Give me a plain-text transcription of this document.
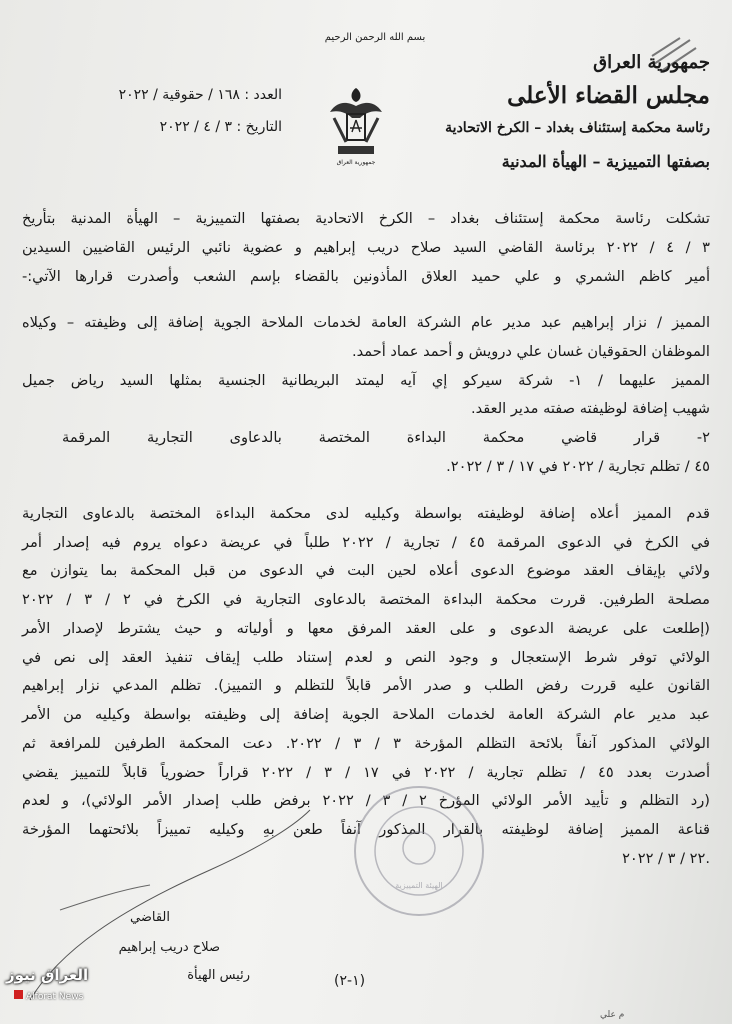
بسم الله الرحمن الرحيم
جمهورية العراق
مجلس القضاء الأعلى
رئاسة محكمة إستئناف بغداد – الكرخ الاتحادية
بصفتها التمييزية – الهيأة المدنية
العدد : ١٦٨ / حقوقية / ٢٠٢٢
التاريخ : ٣ / ٤ / ٢٠٢٢
جمهورية العراق
تشكلت رئاسة محكمة إستئناف بغداد – الكرخ الاتحادية بصفتها التمييزية – الهيأة المدنية بتأريخ
٣ / ٤ / ٢٠٢٢ برئاسة القاضي السيد صلاح دريب إبراهيم و عضوية نائبي الرئيس القاضيين السيدين
أمير كاظم الشمري و علي حميد العلاق المأذونين بالقضاء بإسم الشعب وأصدرت قرارها الآتي:-
المميز / نزار إبراهيم عبد مدير عام الشركة العامة لخدمات الملاحة الجوية إضافة إلى وظيفته – وكيلاه
الموظفان الحقوقيان غسان علي درويش و أحمد عماد أحمد.
المميز عليهما / ١- شركة سيركو إي آيه ليمتد البريطانية الجنسية بمثلها السيد رياض جميل
شهيب إضافة لوظيفته صفته مدير العقد.
٢- قرار قاضي محكمة البداءة المختصة بالدعاوى التجارية المرقمة
٤٥ / تظلم تجارية / ٢٠٢٢ في ١٧ / ٣ / ٢٠٢٢.
قدم المميز أعلاه إضافة لوظيفته بواسطة وكيليه لدى محكمة البداءة المختصة بالدعاوى التجارية
في الكرخ في الدعوى المرقمة ٤٥ / تجارية / ٢٠٢٢ طلباً في عريضة دعواه يروم فيه إصدار أمر
ولائي بإيقاف العقد موضوع الدعوى أعلاه لحين البت في الدعوى من قبل المحكمة بما يتوازن مع
مصلحة الطرفين. قررت محكمة البداءة المختصة بالدعاوى التجارية في الكرخ في ٢ / ٣ / ٢٠٢٢
(إطلعت على عريضة الدعوى و على العقد المرفق معها و أولياته و حيث يشترط لإصدار الأمر
الولائي توفر شرط الإستعجال و وجود النص و لعدم إستناد طلب إيقاف تنفيذ العقد إلى نص في
القانون عليه قررت رفض الطلب و صدر الأمر قابلاً للتظلم و التمييز). تظلم المدعي نزار إبراهيم
عبد مدير عام الشركة العامة لخدمات الملاحة الجوية إضافة إلى وظيفته بواسطة وكيليه من الأمر
الولائي المذكور آنفاً بلائحة التظلم المؤرخة ٣ / ٣ / ٢٠٢٢. دعت المحكمة الطرفين للمرافعة ثم
أصدرت بعدد ٤٥ / تظلم تجارية / ٢٠٢٢ في ١٧ / ٣ / ٢٠٢٢ قراراً حضورياً قابلاً للتمييز يقضي
(رد التظلم و تأييد الأمر الولائي المؤرخ ٢ / ٣ / ٢٠٢٢ برفض طلب إصدار الأمر الولائي)، و لعدم
قناعة المميز إضافة لوظيفته بالقرار المذكور آنفاً طعن بهِ وكيليه تمييزاً بلائحتهما المؤرخة
٢٢ / ٣ / ٢٠٢٢.
الهيئة التمييزية
القاضي
صلاح دريب إبراهيم
رئيس الهيأة	(١-٢)
العراق نيوز
Alforat News
م علي
